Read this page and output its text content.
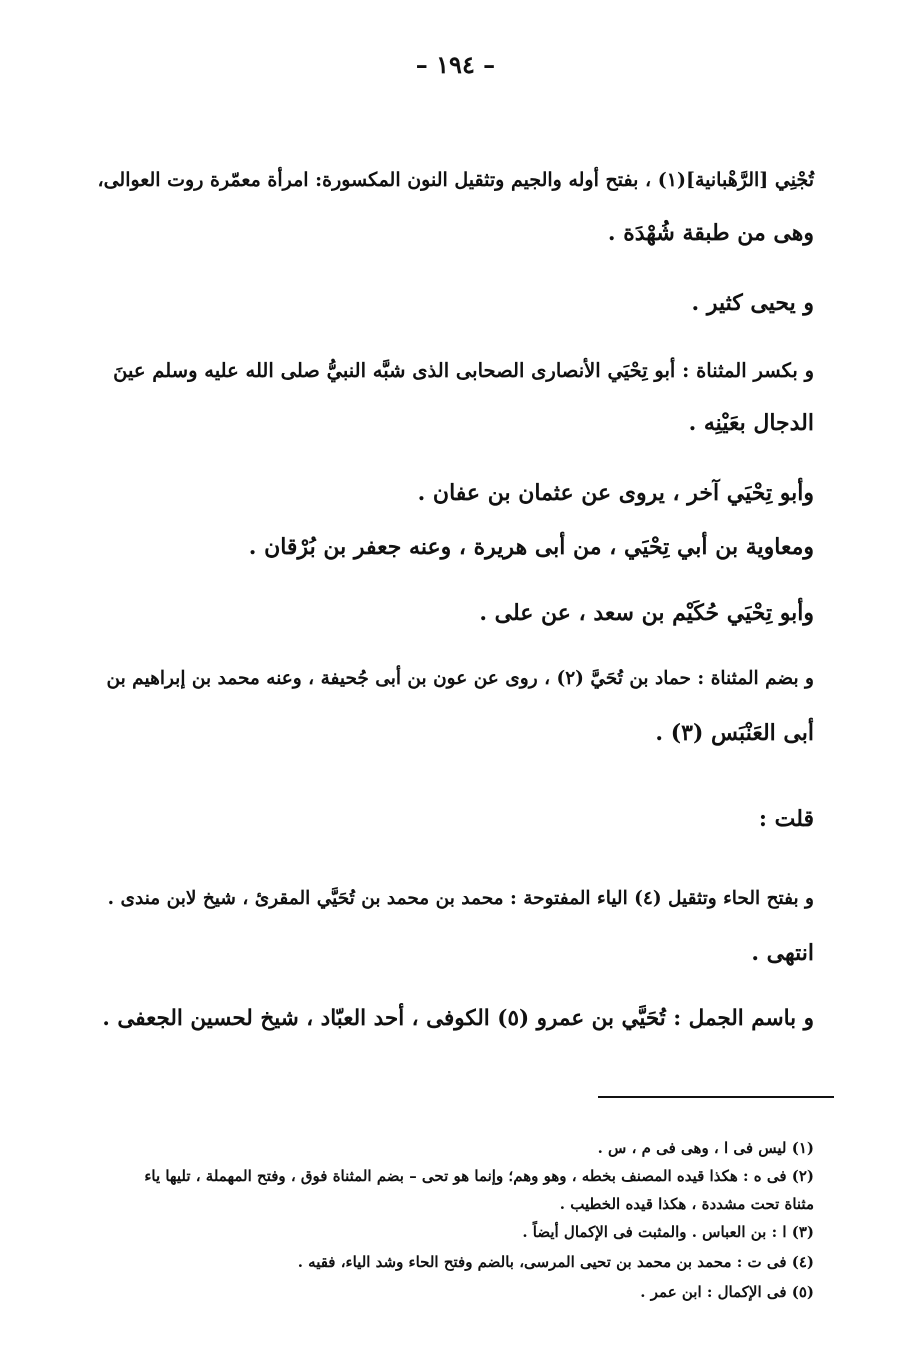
– ١٩٤ –
تُجْنِي [الرَّهْبانية](١) ، بفتح أوله والجيم وتثقيل النون المكسورة: امرأة معمّرة روت العوالى،
وهى من طبقة شُهْدَة .
و يحيى كثير .
و بكسر المثناة : أبو تِحْيَي الأنصارى الصحابى الذى شبَّه النبيُّ صلى الله عليه وسلم عينَ
الدجال بعَيْنِه .
وأبو تِحْيَي آخر ، يروى عن عثمان بن عفان .
ومعاوية بن أبي تِحْيَي ، من أبى هريرة ، وعنه جعفر بن بُرْقان .
وأبو تِحْيَي حُكَيْم بن سعد ، عن على .
و بضم المثناة : حماد بن تُحَيَّ (٢) ، روى عن عون بن أبى جُحيفة ، وعنه محمد بن إبراهيم بن
أبى العَنْبَس (٣) .
قلت :
و بفتح الحاء وتثقيل (٤) الياء المفتوحة : محمد بن محمد بن تُحَيَّي المقرئ ، شيخ لابن مندى .
انتهى .
و باسم الجمل : تُحَيَّي بن عمرو (٥) الكوفى ، أحد العبّاد ، شيخ لحسين الجعفى .
(١) ليس فى ا ، وهى فى م ، س .
(٢) فى ه : هكذا قيده المصنف بخطه ، وهو وهم؛ وإنما هو تحى – بضم المثناة فوق ، وفتح المهملة ، تليها ياء
مثناة تحت مشددة ، هكذا قيده الخطيب .
(٣) ا : بن العباس . والمثبت فى الإكمال أيضاً .
(٤) فى ت : محمد بن محمد بن تحيى المرسى، بالضم وفتح الحاء وشد الياء، فقيه .
(٥) فى الإكمال : ابن عمر .
